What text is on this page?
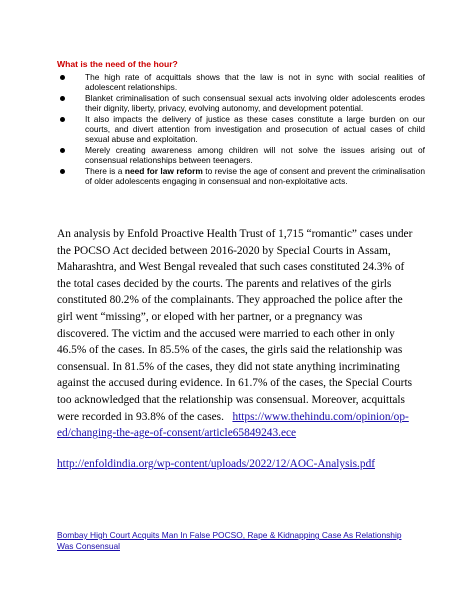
What is the need of the hour?
The high rate of acquittals shows that the law is not in sync with social realities of adolescent relationships.
Blanket criminalisation of such consensual sexual acts involving older adolescents erodes their dignity, liberty, privacy, evolving autonomy, and development potential.
It also impacts the delivery of justice as these cases constitute a large burden on our courts, and divert attention from investigation and prosecution of actual cases of child sexual abuse and exploitation.
Merely creating awareness among children will not solve the issues arising out of consensual relationships between teenagers.
There is a need for law reform to revise the age of consent and prevent the criminalisation of older adolescents engaging in consensual and non-exploitative acts.

An analysis by Enfold Proactive Health Trust of 1,715 “romantic” cases under the POCSO Act decided between 2016-2020 by Special Courts in Assam, Maharashtra, and West Bengal revealed that such cases constituted 24.3% of the total cases decided by the courts. The parents and relatives of the girls constituted 80.2% of the complainants. They approached the police after the girl went “missing”, or eloped with her partner, or a pregnancy was discovered. The victim and the accused were married to each other in only 46.5% of the cases. In 85.5% of the cases, the girls said the relationship was consensual. In 81.5% of the cases, they did not state anything incriminating against the accused during evidence. In 61.7% of the cases, the Special Courts too acknowledged that the relationship was consensual. Moreover, acquittals were recorded in 93.8% of the cases. https://www.thehindu.com/opinion/op-ed/changing-the-age-of-consent/article65849243.ece

http://enfoldindia.org/wp-content/uploads/2022/12/AOC-Analysis.pdf
Bombay High Court Acquits Man In False POCSO, Rape & Kidnapping Case As Relationship Was Consensual
